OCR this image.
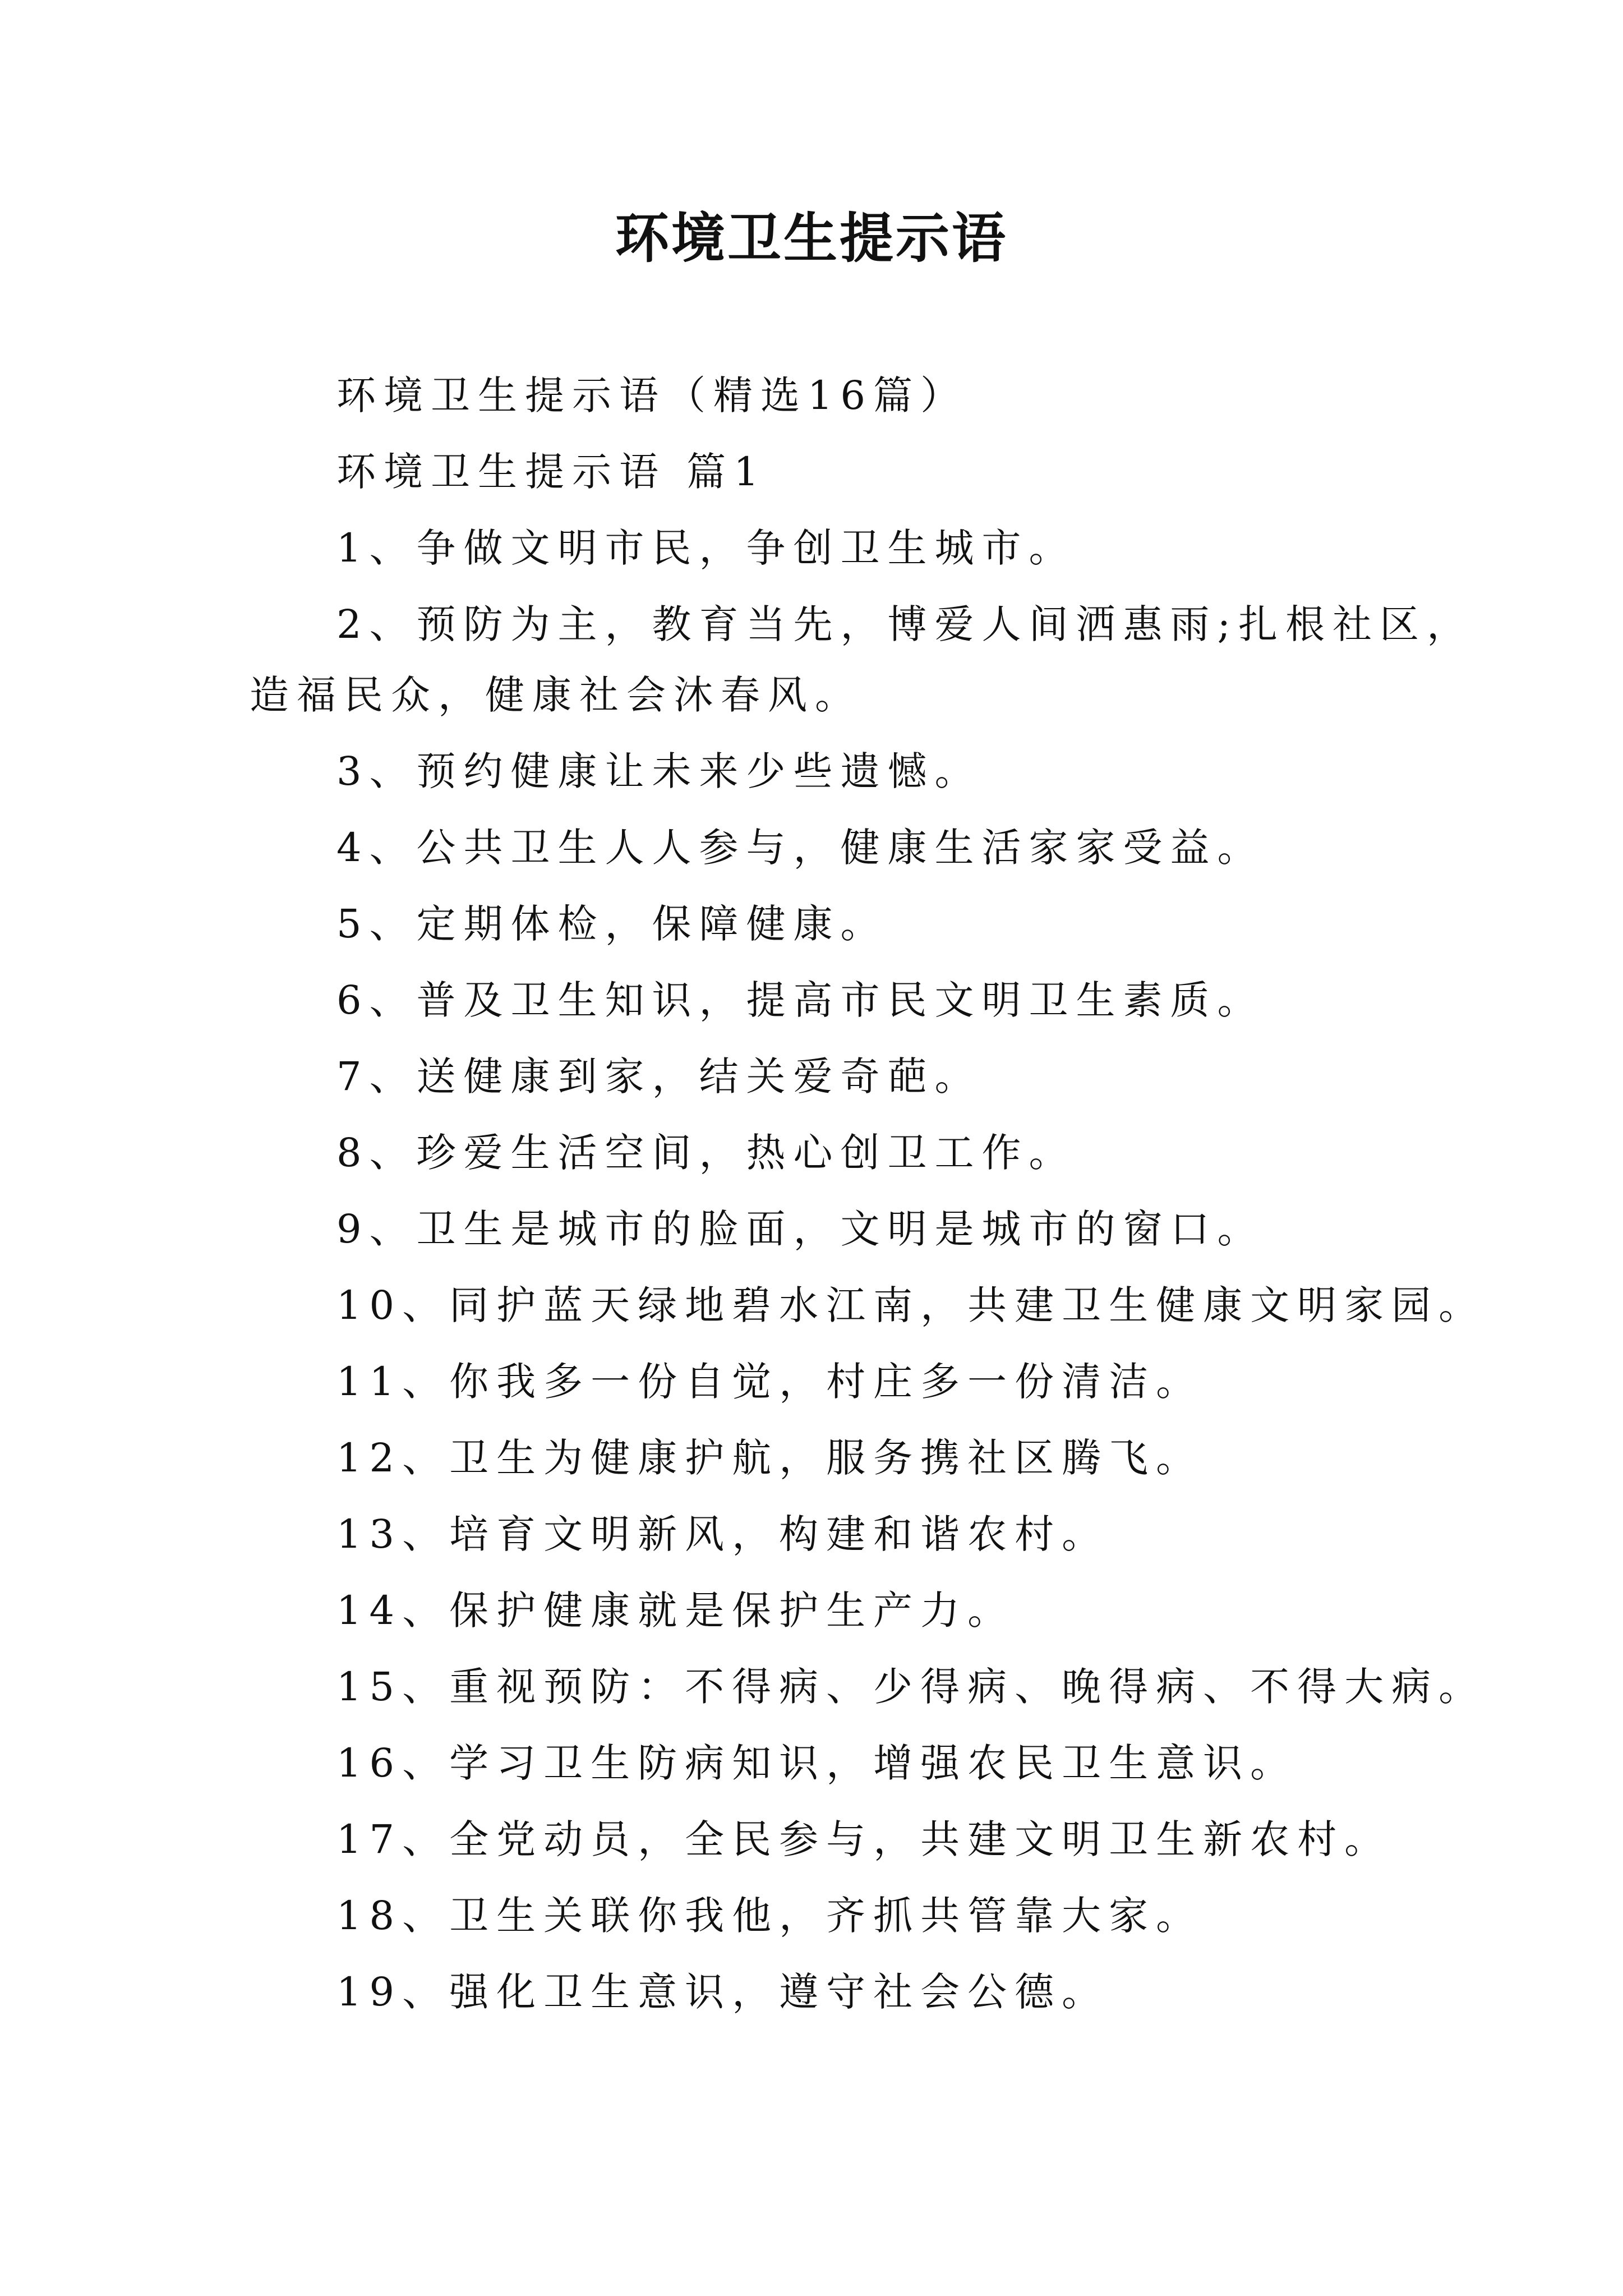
环境卫生提示语
环境卫生提示语（精选16篇）
环境卫生提示语 篇1
1、争做文明市民，争创卫生城市。
2、预防为主，教育当先，博爱人间洒惠雨;扎根社区，
造福民众，健康社会沐春风。
3、预约健康让未来少些遗憾。
4、公共卫生人人参与，健康生活家家受益。
5、定期体检，保障健康。
6、普及卫生知识，提高市民文明卫生素质。
7、送健康到家，结关爱奇葩。
8、珍爱生活空间，热心创卫工作。
9、卫生是城市的脸面，文明是城市的窗口。
10、同护蓝天绿地碧水江南，共建卫生健康文明家园。
11、你我多一份自觉，村庄多一份清洁。
12、卫生为健康护航，服务携社区腾飞。
13、培育文明新风，构建和谐农村。
14、保护健康就是保护生产力。
15、重视预防：不得病、少得病、晚得病、不得大病。
16、学习卫生防病知识，增强农民卫生意识。
17、全党动员，全民参与，共建文明卫生新农村。
18、卫生关联你我他，齐抓共管靠大家。
19、强化卫生意识，遵守社会公德。
